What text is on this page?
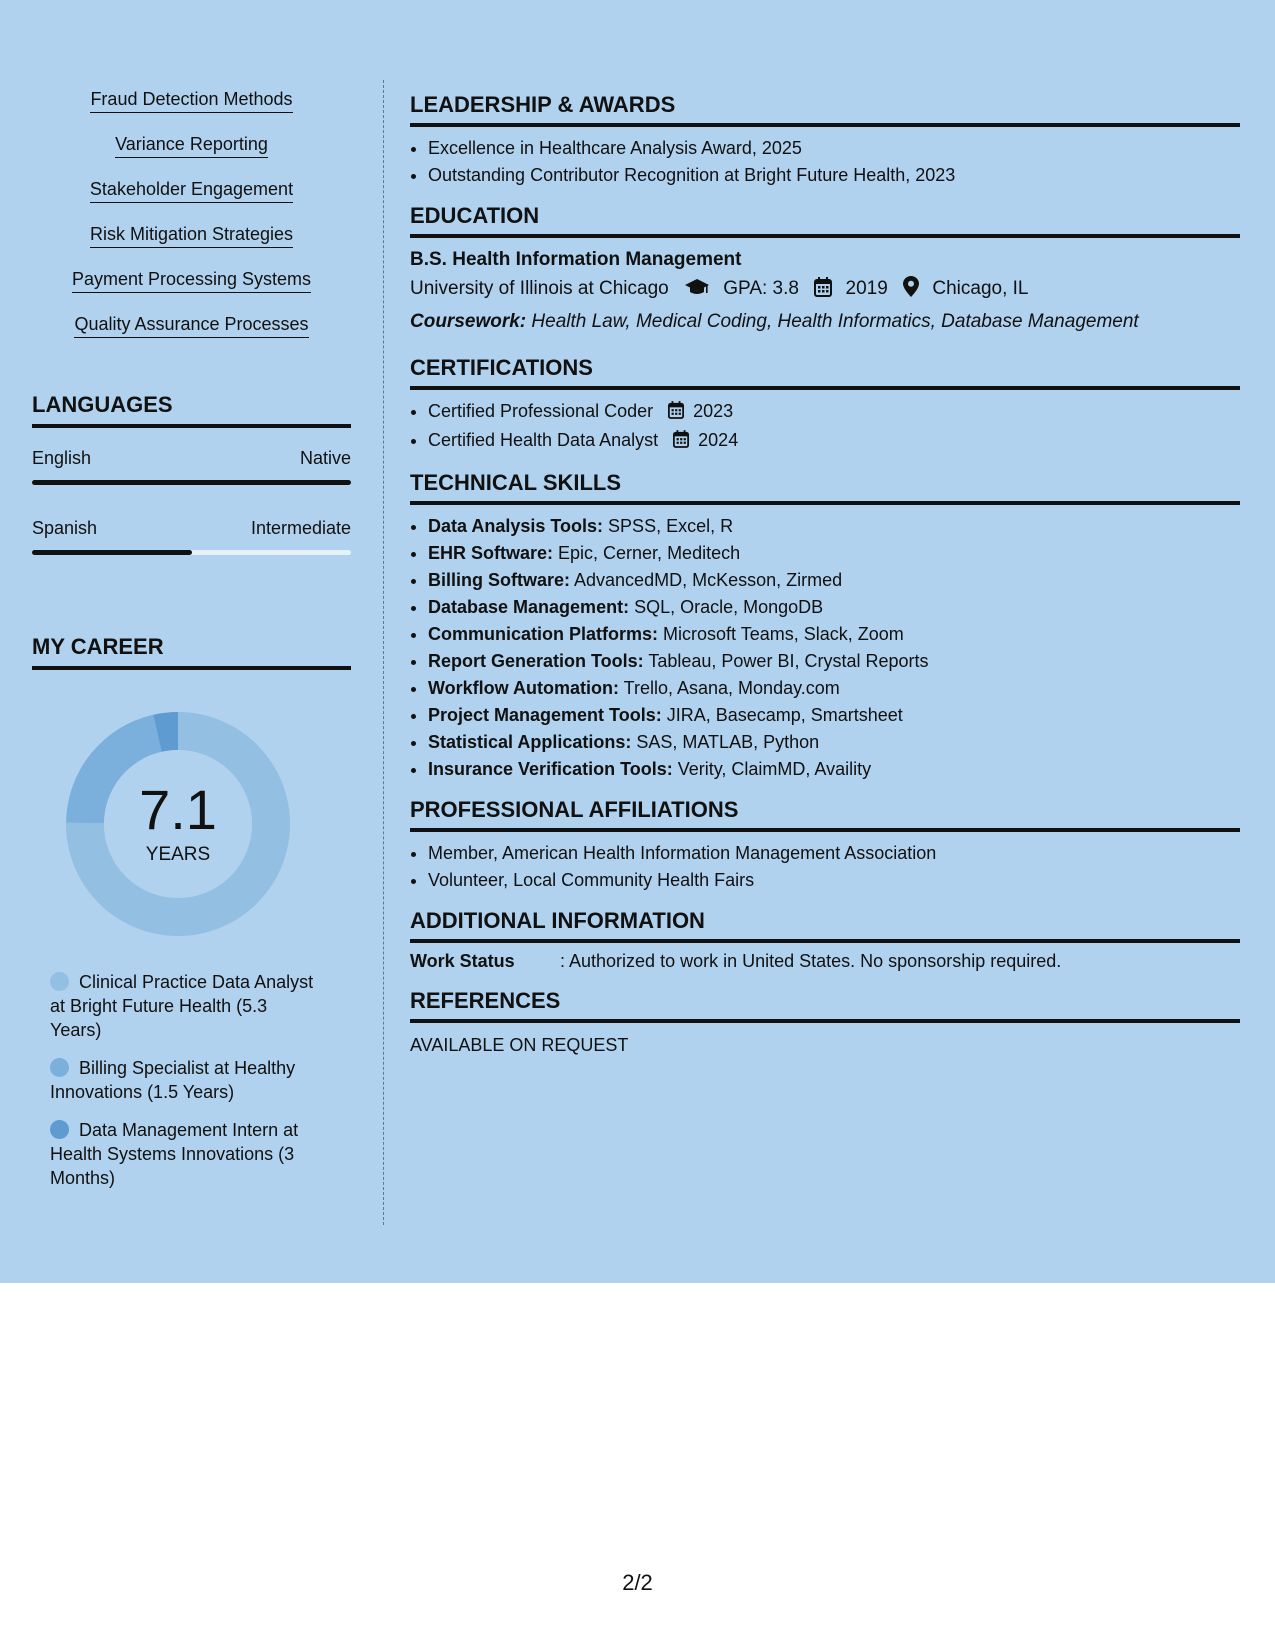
Fraud Detection Methods
Variance Reporting
Stakeholder Engagement
Risk Mitigation Strategies
Payment Processing Systems
Quality Assurance Processes
LANGUAGES
English	Native
Spanish	Intermediate
MY CAREER
7.1
YEARS
Clinical Practice Data Analyst at Bright Future Health (5.3 Years)
Billing Specialist at Healthy Innovations (1.5 Years)
Data Management Intern at Health Systems Innovations (3 Months)
LEADERSHIP & AWARDS
• Excellence in Healthcare Analysis Award, 2025
• Outstanding Contributor Recognition at Bright Future Health, 2023
EDUCATION
B.S. Health Information Management
University of Illinois at Chicago	GPA: 3.8 2019 Chicago, IL
Coursework: Health Law, Medical Coding, Health Informatics, Database Management
CERTIFICATIONS
• Certified Professional Coder 2023
• Certified Health Data Analyst 2024
TECHNICAL SKILLS
• Data Analysis Tools: SPSS, Excel, R
• EHR Software: Epic, Cerner, Meditech
• Billing Software: AdvancedMD, McKesson, Zirmed
• Database Management: SQL, Oracle, MongoDB
• Communication Platforms: Microsoft Teams, Slack, Zoom
• Report Generation Tools: Tableau, Power BI, Crystal Reports
• Workflow Automation: Trello, Asana, Monday.com
• Project Management Tools: JIRA, Basecamp, Smartsheet
• Statistical Applications: SAS, MATLAB, Python
• Insurance Verification Tools: Verity, ClaimMD, Availity
PROFESSIONAL AFFILIATIONS
• Member, American Health Information Management Association
• Volunteer, Local Community Health Fairs
ADDITIONAL INFORMATION
Work Status	: Authorized to work in United States. No sponsorship required.
REFERENCES
AVAILABLE ON REQUEST
2/2
